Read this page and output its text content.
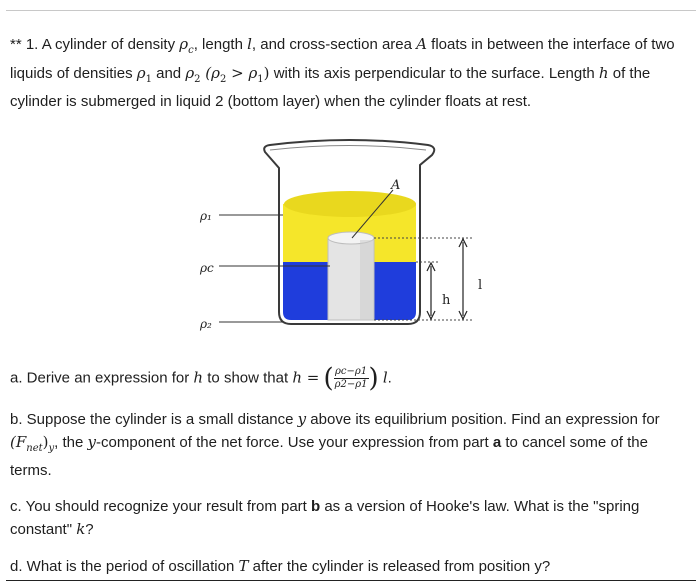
** 1. A cylinder of density $\rho_c$, length l, and cross-section area A floats in between the interface of two liquids of densities $\rho_1$ and $\rho_2$ $(\rho_2 > \rho_1)$ with its axis perpendicular to the surface. Length h of the cylinder is submerged in liquid 2 (bottom layer) when the cylinder floats at rest.
A
ρ₁
ρc
ρ₂
h
l
a. Derive an expression for h to show that h = ( $\frac{\rho c-\rho 1}{\rho 2-\rho 1}$ ) l.
b. Suppose the cylinder is a small distance y above its equilibrium position. Find an expression for $(F_{net})_y$, the y-component of the net force. Use your expression from part a to cancel some of the terms.
c. You should recognize your result from part b as a version of Hooke's law. What is the "spring constant" k?
d. What is the period of oscillation T after the cylinder is released from position y?
